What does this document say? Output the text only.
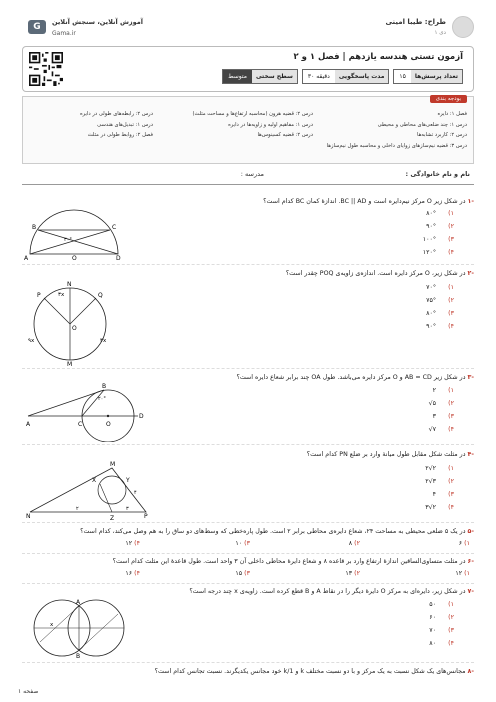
طراح: طیبا امینی
دی ۱
G	آموزش آنلاین، سنجش آنلاین
Gama.ir
آزمون تستی هندسه یازدهم | فصل ۱ و ۲
تعداد پرسش‌ها
۱۵
مدت پاسخگویی
۳۰ دقیقه
سطح سختی
متوسط
بودجه بندی
فصل ۱: دایره
درس ۱: چند ضلعی‌های محاطی و محیطی
درس ۲: کاربرد تشابه‌ها
درس ۳: قضیه نیم‌سازهای زوایای داخلی و محاسبه طول نیم‌سازها
درس ۲: قضیه هرون (محاسبه ارتفاع‌ها و مساحت مثلث)
درس ۱: مفاهیم اولیه و زاویه‌ها در دایره
درس ۲: قضیه کسینوس‌ها
درس ۲: رابطه‌های طولی در دایره
درس ۱: تبدیل‌های هندسی
فصل ۲: روابط طولی در مثلث
نام و نام خانوادگی :
مدرسه :
-۱ در شکل زیر O مرکز نیم‌دایره است و BC || AD. اندازهٔ کمان BC کدام است؟
۸۰° (۱
۹۰° (۲
۱۰۰° (۳
۱۲۰° (۴
B	C
O
A	D
۳۰°
-۲ در شکل زیر، O مرکز دایره است. اندازه‌ی زاویه‌ی POQ چقدر است؟
۷۰° (۱
۷۵° (۲
۸۰° (۳
۹۰° (۴
N
P	Q
O
M
۹x	۴x
۳x
-۳ در شکل زیر AB = CD و O مرکز دایره می‌باشد. طول OA چند برابر شعاع دایره است؟
۲ (۱
√۵ (۲
۳ (۳
√۷ (۴
B
A	C	O
D
۲۰°
-۴ در مثلث شکل مقابل طول میانهٔ وارد بر ضلع PN کدام است؟
۲√۲ (۱
۲√۳ (۲
۴ (۳
۳√۲ (۴
M
X	Y
N	P
Z
۲	۳
۴
-۵ در یک ۵ ضلعی محیطی به مساحت ۲۴، شعاع دایره‌ی محاطی برابر ۲ است. طول پاره‌خطی که وسط‌های دو ساق را به هم وصل می‌کند، کدام است؟
۶ (۱
۸ (۲
۱۰ (۳
۱۲ (۴
-۶ در مثلث متساوی‌الساقین اندازهٔ ارتفاع وارد بر قاعده ۸ و شعاع دایرهٔ محاطی داخلی آن ۳ واحد است. طول قاعدهٔ این مثلث کدام است؟
۱۲ (۱
۱۳ (۲
۱۵ (۳
۱۶ (۴
-۷ در شکل زیر، دایره‌ای به مرکز O دایرهٔ دیگر را در نقاط A و B قطع کرده است. زاویه‌ی x چند درجه است؟
۵۰ (۱
۶۰ (۲
۷۰ (۳
۸۰ (۴
A
B
x
-۸ مجانس‌های یک شکل نسبت به یک مرکز و با دو نسبت مختلف k و 1/k خود مجانس یکدیگرند. نسبت تجانس کدام است؟
صفحه ۱
